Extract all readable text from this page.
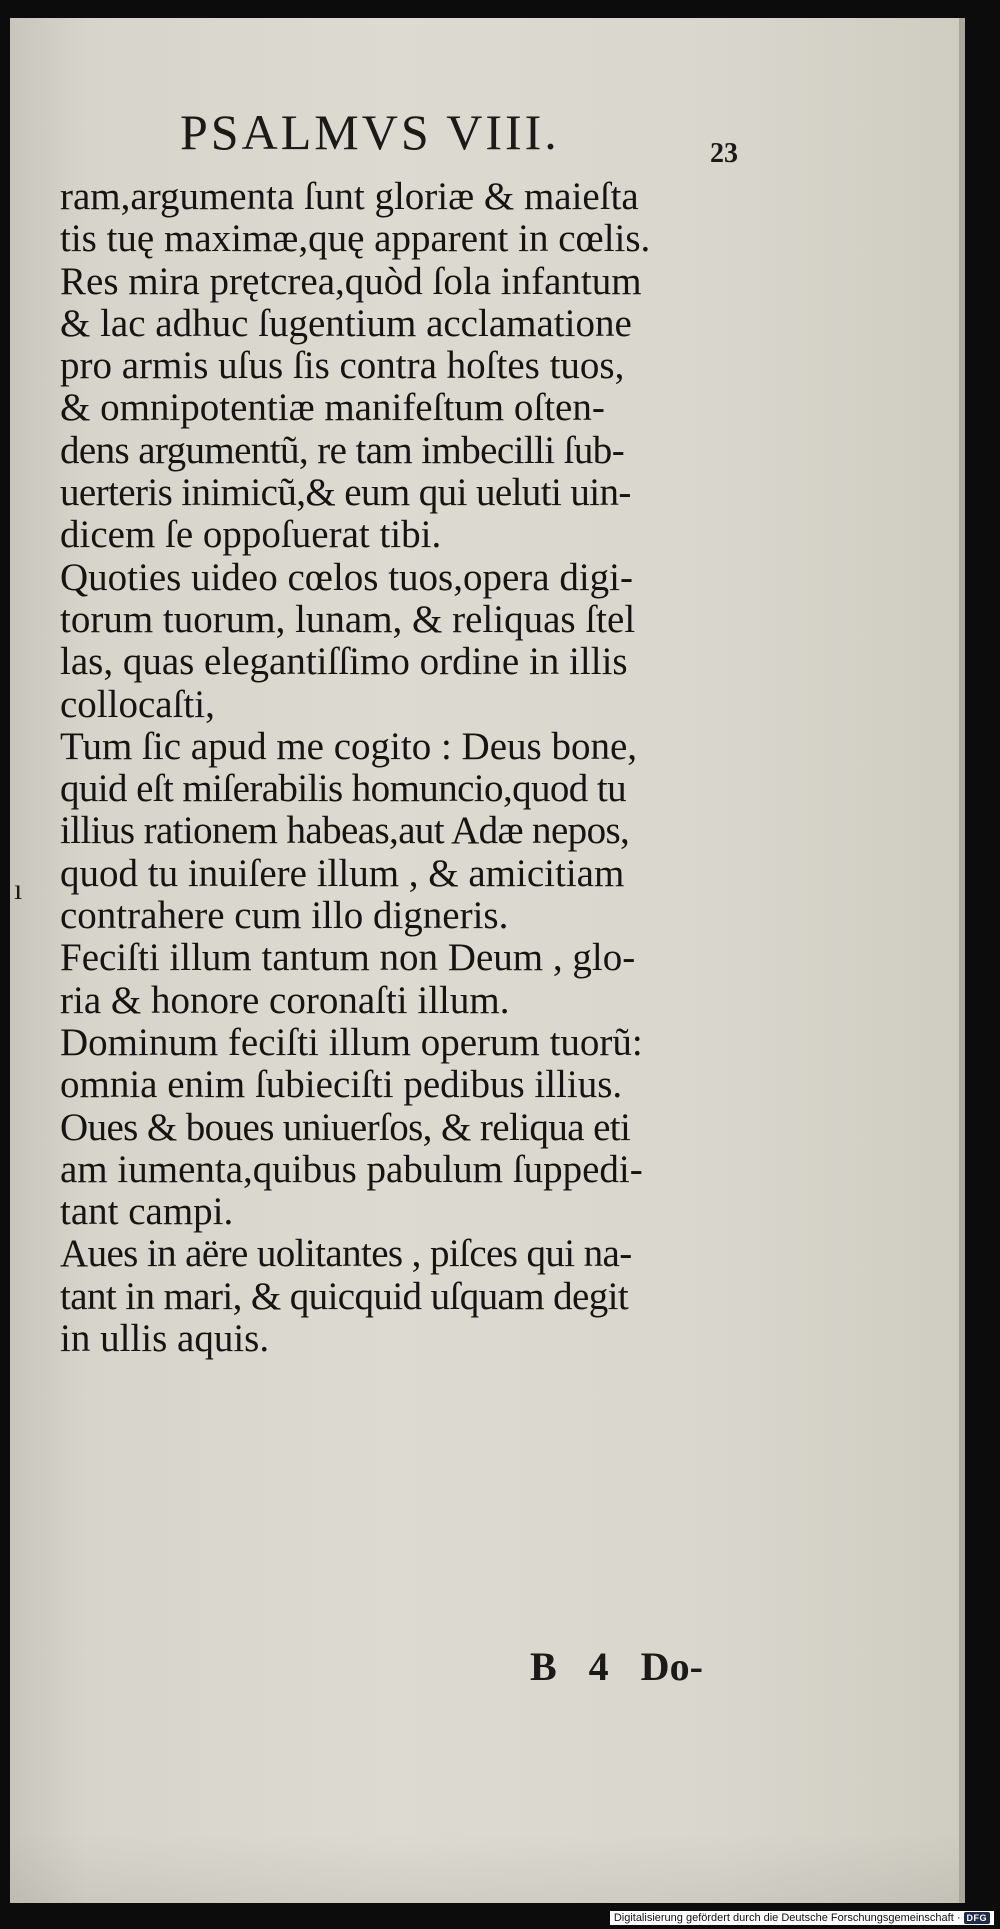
PSALMVS VIII.	23
ı
ram,argumenta ſunt gloriæ & maieſta
tis tuę maximæ,quę apparent in cœlis.
Res mira prętcrea,quòd ſola infantum
& lac adhuc ſugentium acclamatione
pro armis uſus ſis contra hoſtes tuos,
& omnipotentiæ manifeſtum oſten-
dens argumentũ, re tam imbecilli ſub-
uerteris inimicũ,& eum qui ueluti uin-
dicem ſe oppoſuerat tibi.
Quoties uideo cœlos tuos,opera digi-
torum tuorum, lunam, & reliquas ſtel
las, quas elegantiſſimo ordine in illis
collocaſti,
Tum ſic apud me cogito : Deus bone,
quid eſt miſerabilis homuncio,quod tu
illius rationem habeas,aut Adæ nepos,
quod tu inuiſere illum , & amicitiam
contrahere cum illo digneris.
Feciſti illum tantum non Deum , glo-
ria & honore coronaſti illum.
Dominum feciſti illum operum tuorũ:
omnia enim ſubieciſti pedibus illius.
Oues & boues uniuerſos, & reliqua eti
am iumenta,quibus pabulum ſuppedi-
tant campi.
Aues in aëre uolitantes , piſces qui na-
tant in mari, & quicquid uſquam degit
in ullis aquis.
B 4 Do-
Digitalisierung gefördert durch die Deutsche Forschungsgemeinschaft · DFG
